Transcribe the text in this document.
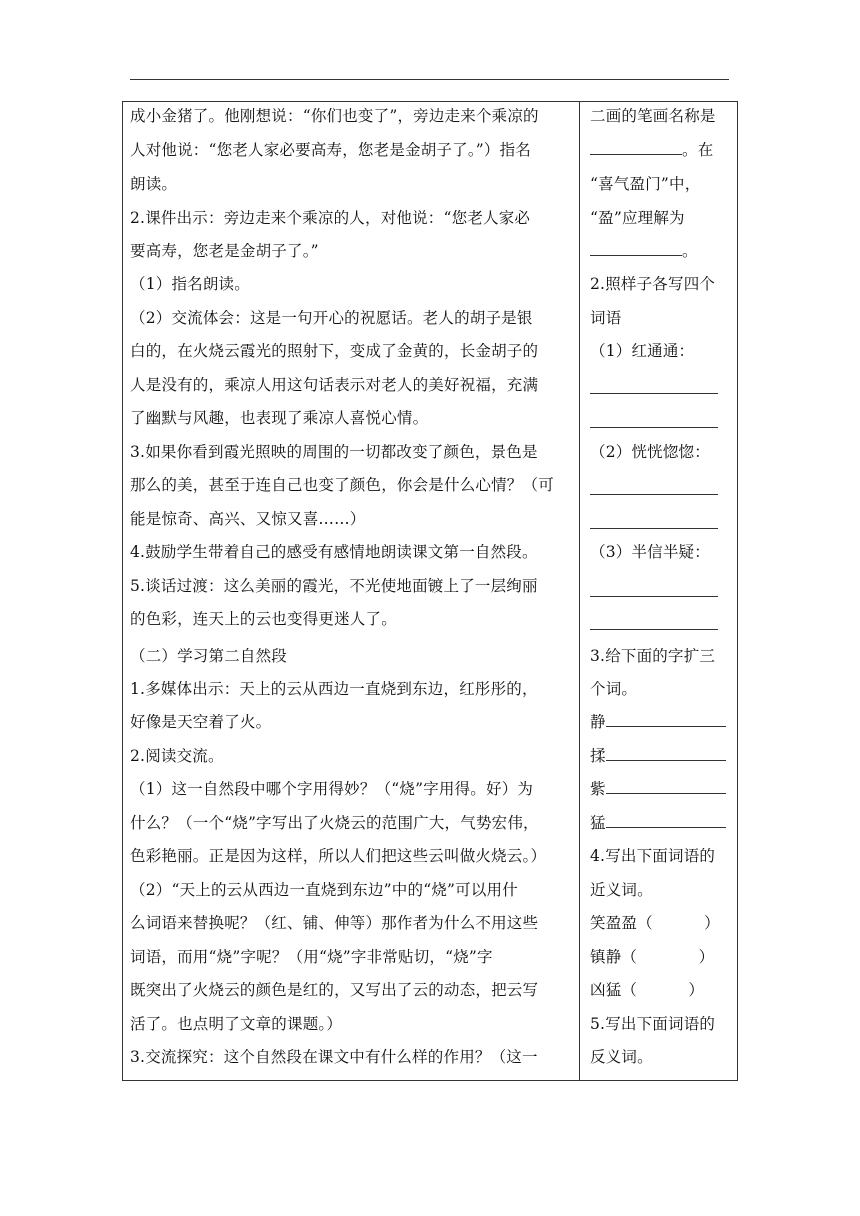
成小金猪了。他刚想说：“你们也变了”，旁边走来个乘凉的
人对他说：“您老人家必要高寿，您老是金胡子了。”）指名
朗读。
2.课件出示：旁边走来个乘凉的人，对他说：“您老人家必
要高寿，您老是金胡子了。”
（1）指名朗读。
（2）交流体会：这是一句开心的祝愿话。老人的胡子是银
白的，在火烧云霞光的照射下，变成了金黄的，长金胡子的
人是没有的，乘凉人用这句话表示对老人的美好祝福，充满
了幽默与风趣，也表现了乘凉人喜悦心情。
3.如果你看到霞光照映的周围的一切都改变了颜色，景色是
那么的美，甚至于连自己也变了颜色，你会是什么心情？（可
能是惊奇、高兴、又惊又喜……）
4.鼓励学生带着自己的感受有感情地朗读课文第一自然段。
5.谈话过渡：这么美丽的霞光，不光使地面镀上了一层绚丽
的色彩，连天上的云也变得更迷人了。
（二）学习第二自然段
1.多媒体出示：天上的云从西边一直烧到东边，红彤彤的，
好像是天空着了火。
2.阅读交流。
（1）这一自然段中哪个字用得妙？（“烧”字用得。好）为
什么？（一个“烧”字写出了火烧云的范围广大，气势宏伟，
色彩艳丽。正是因为这样，所以人们把这些云叫做火烧云。）
（2）“天上的云从西边一直烧到东边”中的“烧”可以用什
么词语来替换呢？（红、铺、伸等）那作者为什么不用这些
词语，而用“烧”字呢？（用“烧”字非常贴切，“烧”字
既突出了火烧云的颜色是红的，又写出了云的动态，把云写
活了。也点明了文章的课题。）
3.交流探究：这个自然段在课文中有什么样的作用？（这一
二画的笔画名称是
。在
“喜气盈门”中，
“盈”应理解为
。
2.照样子各写四个
词语
（1）红通通：
（2）恍恍惚惚：
（3）半信半疑：
3.给下面的字扩三
个词。
静
揉
紫
猛
4.写出下面词语的
近义词。
笑盈盈（          ）
镇静（            ）
凶猛（          ）
5.写出下面词语的
反义词。
